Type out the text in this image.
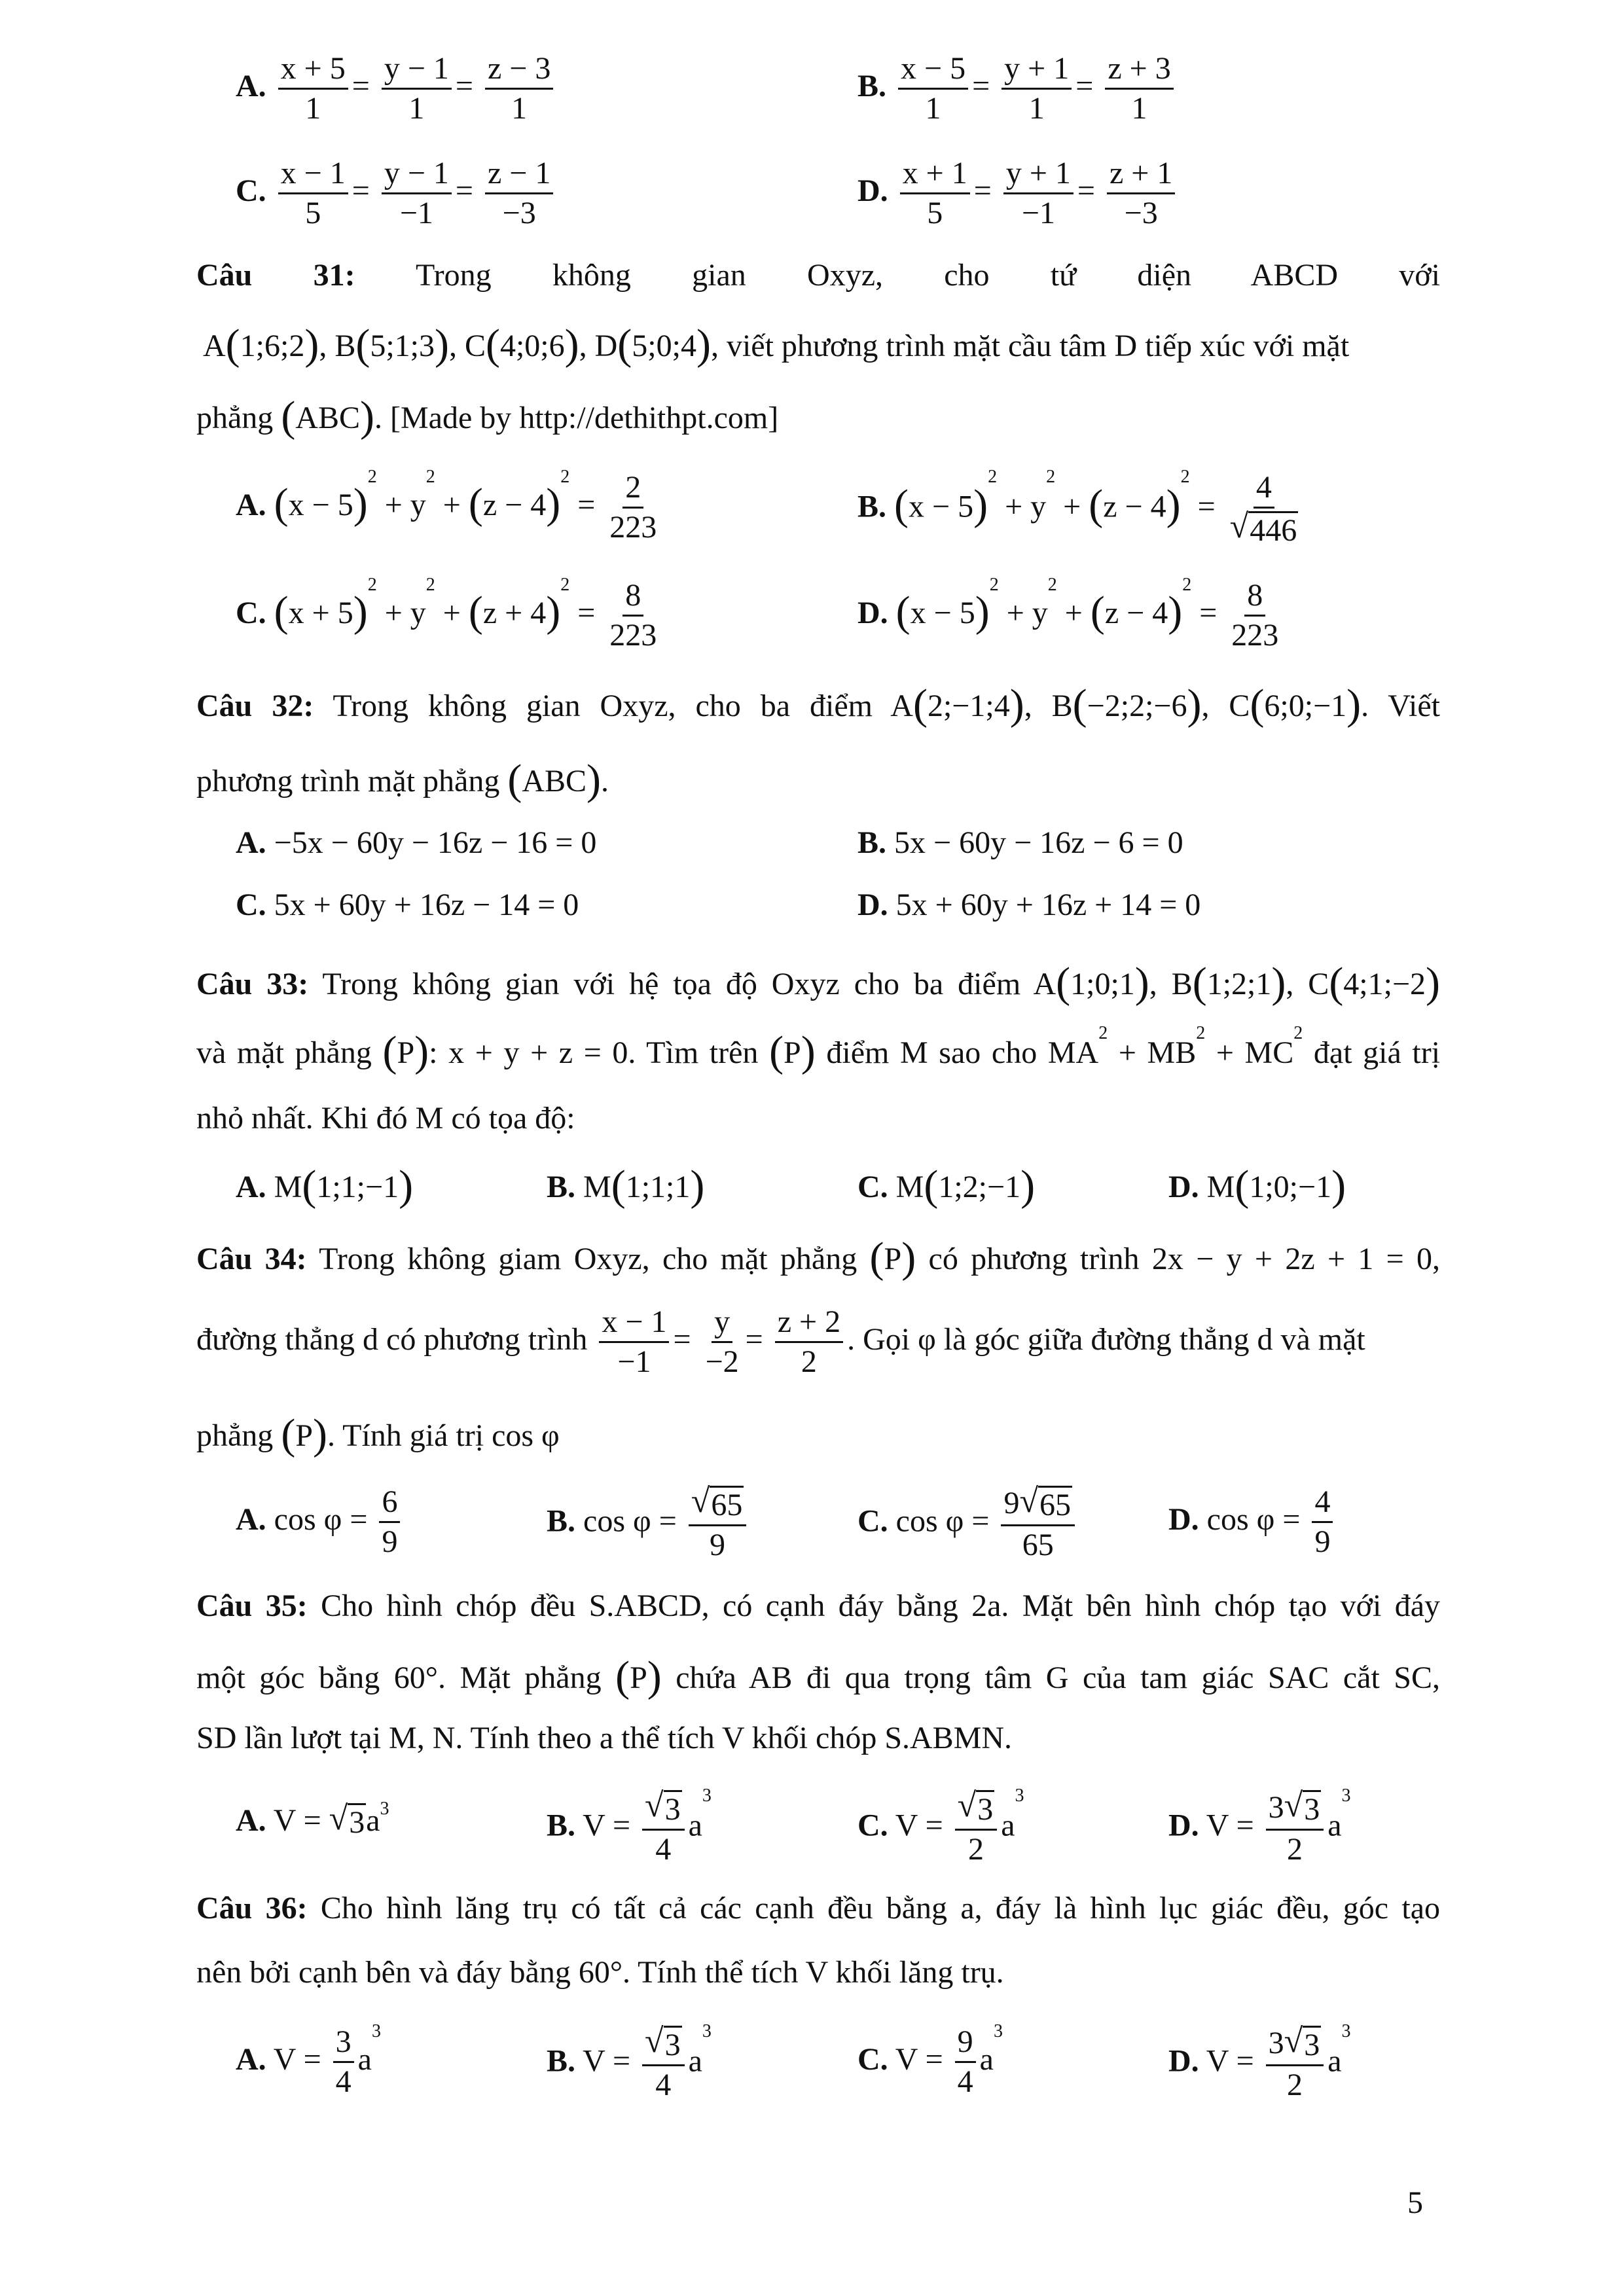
A. $\frac{x + 5}{1} = \frac{y - 1}{1} = \frac{z - 3}{1}$	B. $\frac{x - 5}{1} = \frac{y + 1}{1} = \frac{z + 3}{1}$
C. $\frac{x - 1}{5} = \frac{y - 1}{-1} = \frac{z - 1}{-3}$	D. $\frac{x + 1}{5} = \frac{y + 1}{-1} = \frac{z + 1}{-3}$
Câu 31: Trong không gian Oxyz, cho tứ diện ABCD với
A(1;6;2), B(5;1;3), C(4;0;6), D(5;0;4), viết phương trình mặt cầu tâm D tiếp xúc với mặt
phẳng (ABC). [Made by http://dethithpt.com]
A. $(x - 5)^2 + y^2 + (z - 4)^2 = \frac{2}{223}$	B. $(x - 5)^2 + y^2 + (z - 4)^2 = \frac{4}{√ 446}$
C. $(x + 5)^2 + y^2 + (z + 4)^2 = \frac{8}{223}$	D. $(x - 5)^2 + y^2 + (z - 4)^2 = \frac{8}{223}$
Câu 32: Trong không gian Oxyz, cho ba điểm A(2;−1;4), B(−2;2;−6), C(6;0;−1). Viết
phương trình mặt phẳng (ABC).
A. −5x − 60y − 16z − 16 = 0	B. 5x − 60y − 16z − 6 = 0
C. 5x + 60y + 16z − 14 = 0	D. 5x + 60y + 16z + 14 = 0
Câu 33: Trong không gian với hệ tọa độ Oxyz cho ba điểm A(1;0;1), B(1;2;1), C(4;1;−2)
và mặt phẳng (P): x + y + z = 0. Tìm trên (P) điểm M sao cho $MA^2 + MB^2 + MC^2$ đạt giá trị
nhỏ nhất. Khi đó M có tọa độ:
A. M(1;1;−1)	B. M(1;1;1)	C. M(1;2;−1)	D. M(1;0;−1)
Câu 34: Trong không giam Oxyz, cho mặt phẳng (P) có phương trình 2x − y + 2z + 1 = 0,
đường thẳng d có phương trình $\frac{x - 1}{-1} = \frac{y}{-2} = \frac{z + 2}{2}$ . Gọi φ là góc giữa đường thẳng d và mặt
phẳng (P). Tính giá trị cos φ
A. $\cos \varphi = \frac{6}{9}$	B. $\cos \varphi = \frac{√ 65}{9}$	C. $\cos \varphi = \frac{9 √ 65}{65}$	D. $\cos \varphi = \frac{4}{9}$
Câu 35: Cho hình chóp đều S.ABCD, có cạnh đáy bằng 2a. Mặt bên hình chóp tạo với đáy
một góc bằng 60°. Mặt phẳng (P) chứa AB đi qua trọng tâm G của tam giác SAC cắt SC,
SD lần lượt tại M, N. Tính theo a thể tích V khối chóp S.ABMN.
A. V = √ 3 $a^3$	B. $V = \frac{√ 3}{4} a^3$
C. $V = \frac{√ 3}{2} a^3$
D. $V = \frac{3 √ 3}{2} a^3$
Câu 36: Cho hình lăng trụ có tất cả các cạnh đều bằng a, đáy là hình lục giác đều, góc tạo
nên bởi cạnh bên và đáy bằng 60°. Tính thể tích V khối lăng trụ.
A. $V = \frac{3}{4} a^3$
B. $V = \frac{√ 3}{4} a^3$
C. $V = \frac{9}{4} a^3$
D. $V = \frac{3 √ 3}{2} a^3$
5
